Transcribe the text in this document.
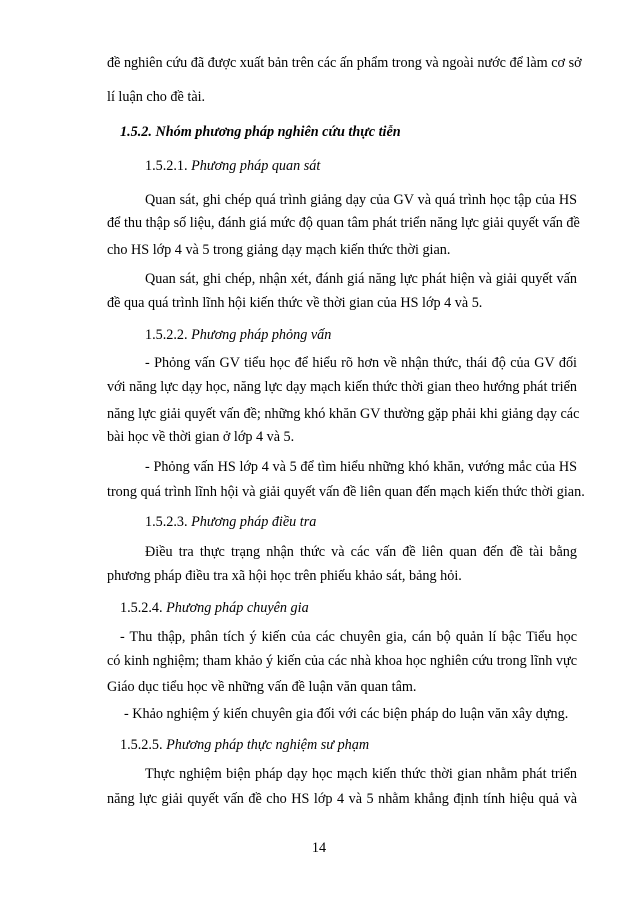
đề nghiên cứu đã được xuất bản trên các ấn phẩm trong và ngoài nước để làm cơ sở
lí luận cho đề tài.
1.5.2. Nhóm phương pháp nghiên cứu thực tiễn
1.5.2.1. Phương pháp quan sát
Quan sát, ghi chép quá trình giảng dạy của GV và quá trình học tập của HS
để thu thập số liệu, đánh giá mức độ quan tâm phát triển năng lực giải quyết vấn đề
cho HS lớp 4 và 5 trong giảng dạy mạch kiến thức thời gian.
Quan sát, ghi chép, nhận xét, đánh giá năng lực phát hiện và giải quyết vấn
đề qua quá trình lĩnh hội kiến thức về thời gian của HS lớp 4 và 5.
1.5.2.2. Phương pháp phỏng vấn
- Phỏng vấn GV tiểu học để hiểu rõ hơn về nhận thức, thái độ của GV đối
với năng lực dạy học, năng lực dạy mạch kiến thức thời gian theo hướng phát triển
năng lực giải quyết vấn đề; những khó khăn GV thường gặp phải khi giảng dạy các
bài học về thời gian ở lớp 4 và 5.
- Phỏng vấn HS lớp 4 và 5 để tìm hiểu những khó khăn, vướng mắc của HS
trong quá trình lĩnh hội và giải quyết vấn đề liên quan đến mạch kiến thức thời gian.
1.5.2.3. Phương pháp điều tra
Điều tra thực trạng nhận thức và các vấn đề liên quan đến đề tài bằng
phương pháp điều tra xã hội học trên phiếu khảo sát, bảng hỏi.
1.5.2.4. Phương pháp chuyên gia
- Thu thập, phân tích ý kiến của các chuyên gia, cán bộ quản lí bậc Tiểu học
có kinh nghiệm; tham khảo ý kiến của các nhà khoa học nghiên cứu trong lĩnh vực
Giáo dục tiểu học về những vấn đề luận văn quan tâm.
- Khảo nghiệm ý kiến chuyên gia đối với các biện pháp do luận văn xây dựng.
1.5.2.5. Phương pháp thực nghiệm sư phạm
Thực nghiệm biện pháp dạy học mạch kiến thức thời gian nhằm phát triển
năng lực giải quyết vấn đề cho HS lớp 4 và 5 nhằm khẳng định tính hiệu quả và
14
